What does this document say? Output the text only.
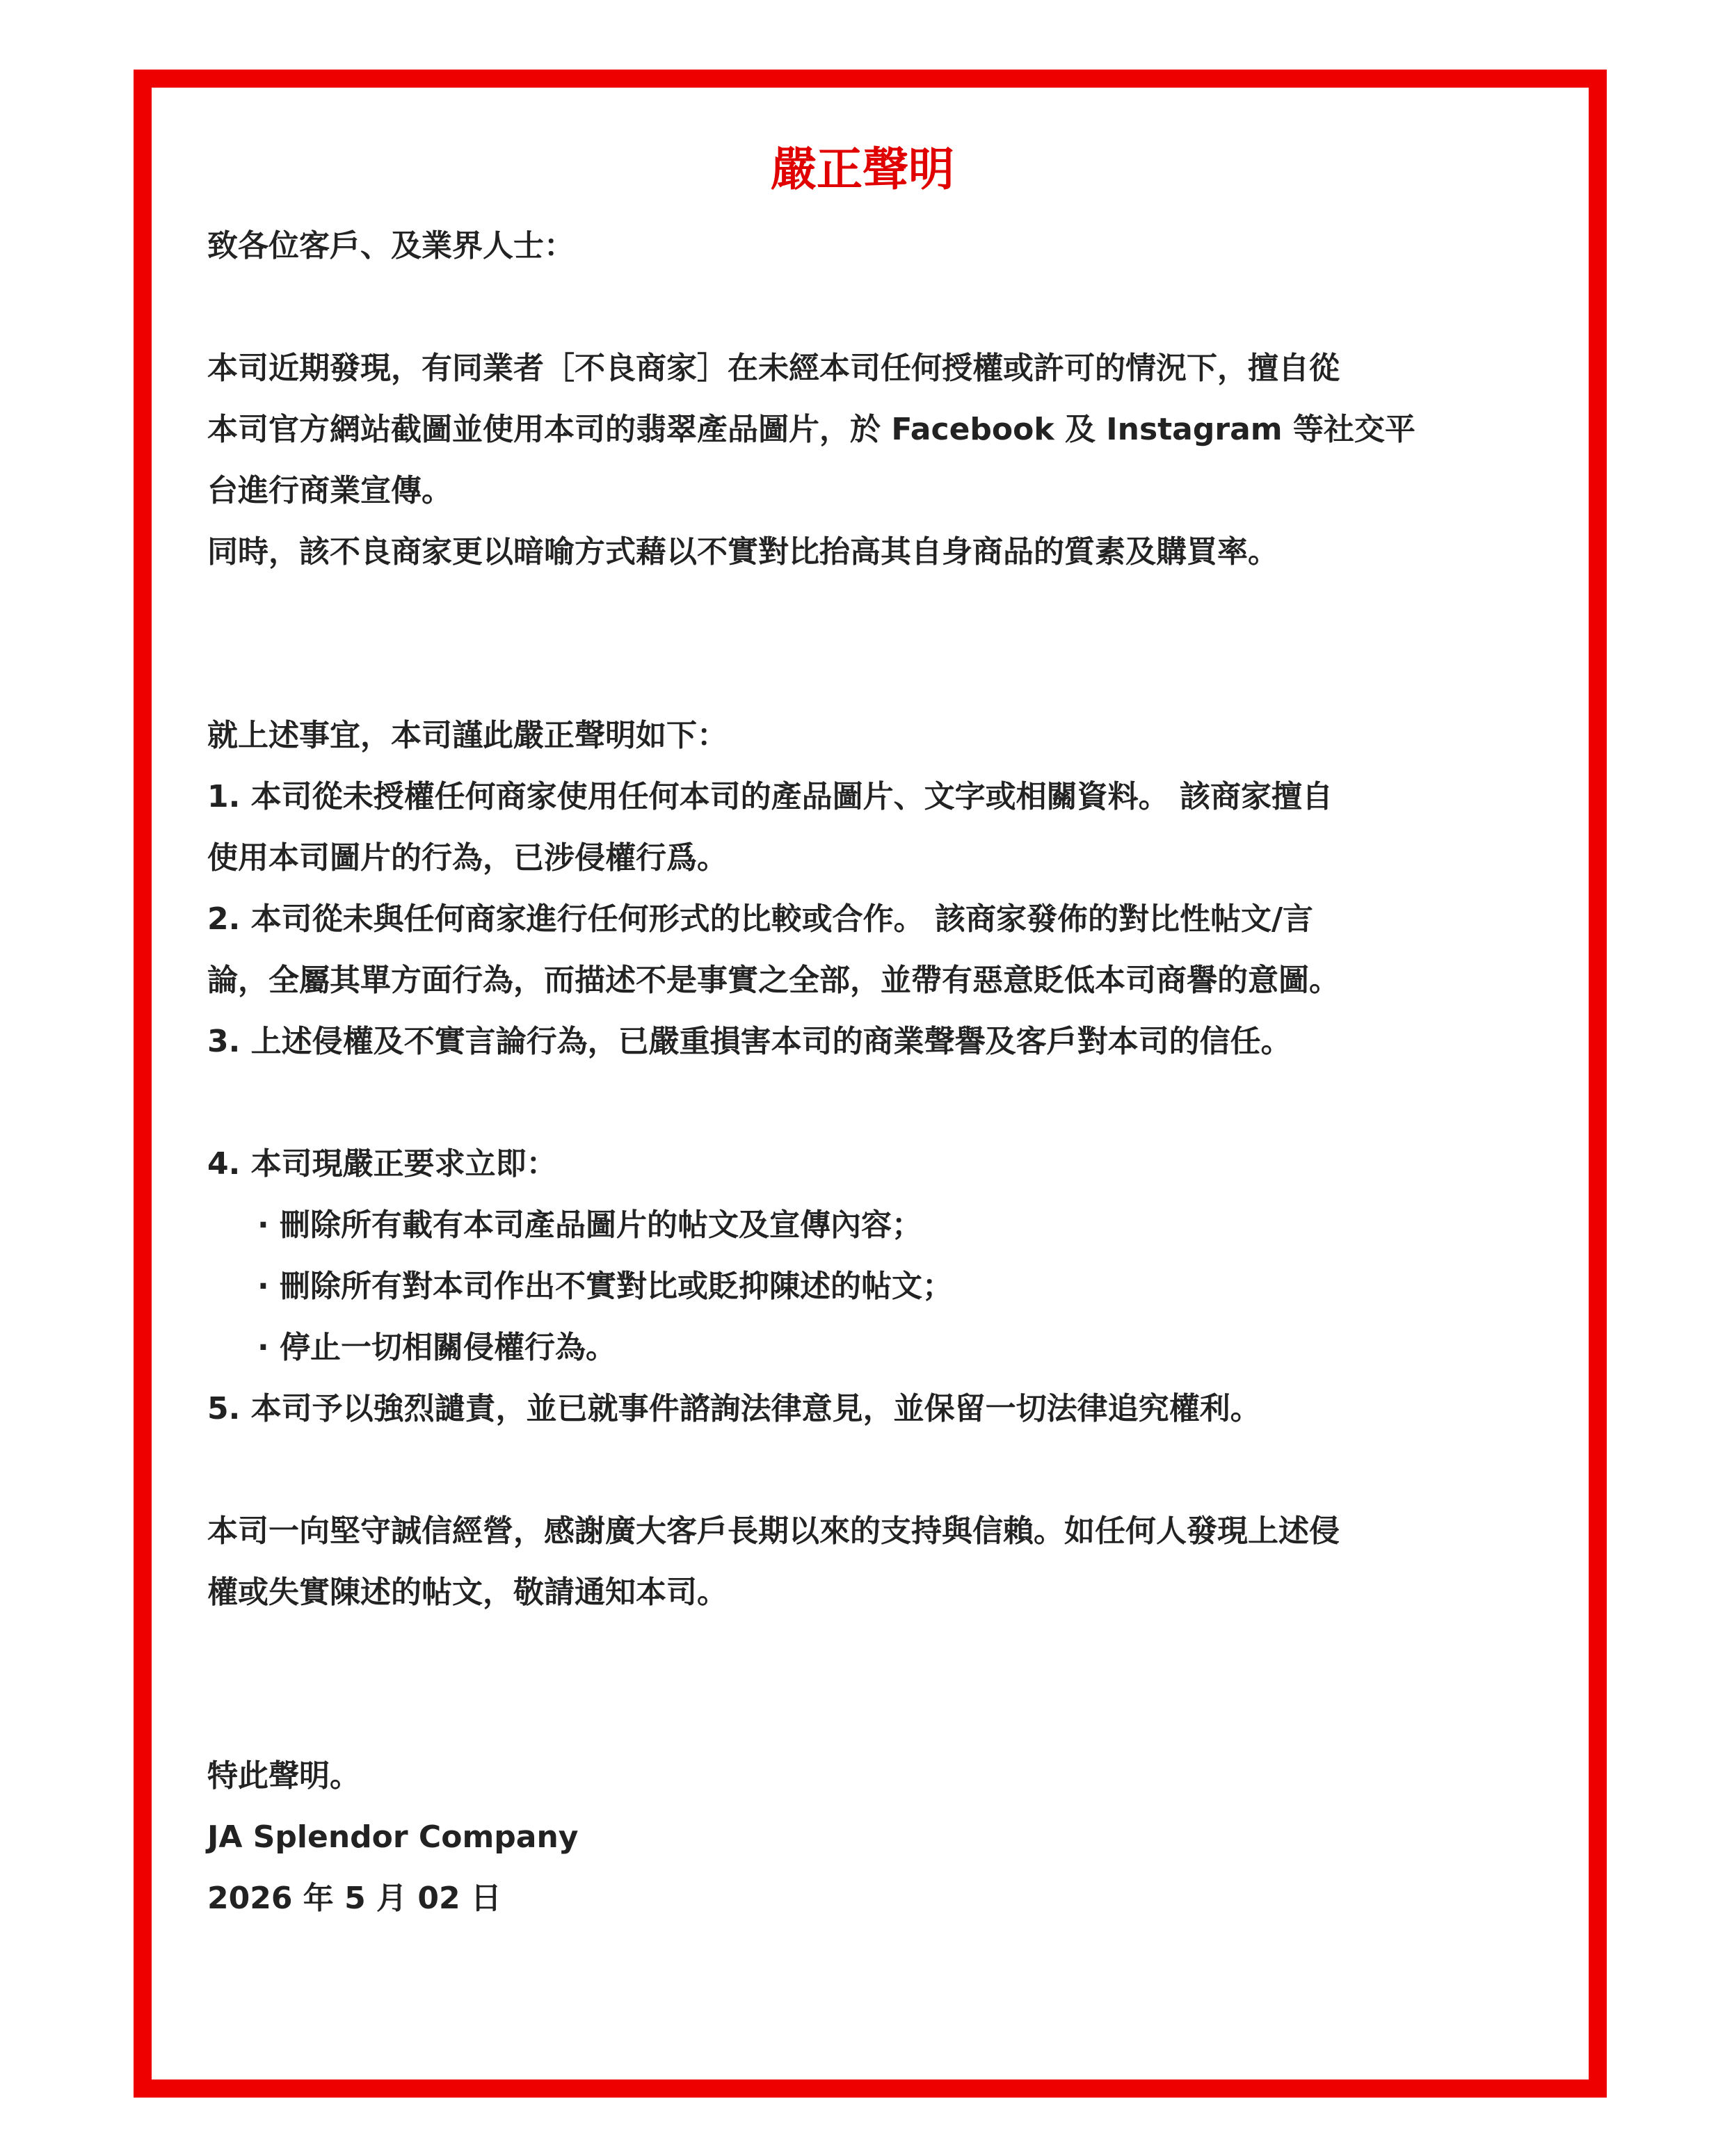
嚴正聲明
致各位客戶、及業界人士：
本司近期發現，有同業者［不良商家］在未經本司任何授權或許可的情況下，擅自從
本司官方網站截圖並使用本司的翡翠產品圖片，於 Facebook 及 Instagram 等社交平
台進行商業宣傳。
同時，該不良商家更以暗喻方式藉以不實對比抬高其自身商品的質素及購買率。
就上述事宜，本司謹此嚴正聲明如下：
1. 本司從未授權任何商家使用任何本司的產品圖片、文字或相關資料。 該商家擅自
使用本司圖片的行為，已涉侵權行爲。
2. 本司從未與任何商家進行任何形式的比較或合作。 該商家發佈的對比性帖文/言
論，全屬其單方面行為，而描述不是事實之全部，並帶有惡意貶低本司商譽的意圖。
3. 上述侵權及不實言論行為，已嚴重損害本司的商業聲譽及客戶對本司的信任。
4. 本司現嚴正要求立即：
· 刪除所有載有本司產品圖片的帖文及宣傳內容；
· 刪除所有對本司作出不實對比或貶抑陳述的帖文；
· 停止一切相關侵權行為。
5. 本司予以強烈譴責，並已就事件諮詢法律意見，並保留一切法律追究權利。
本司一向堅守誠信經營，感謝廣大客戶長期以來的支持與信賴。如任何人發現上述侵
權或失實陳述的帖文，敬請通知本司。
特此聲明。
JA Splendor Company
2026 年 5 月 02 日
